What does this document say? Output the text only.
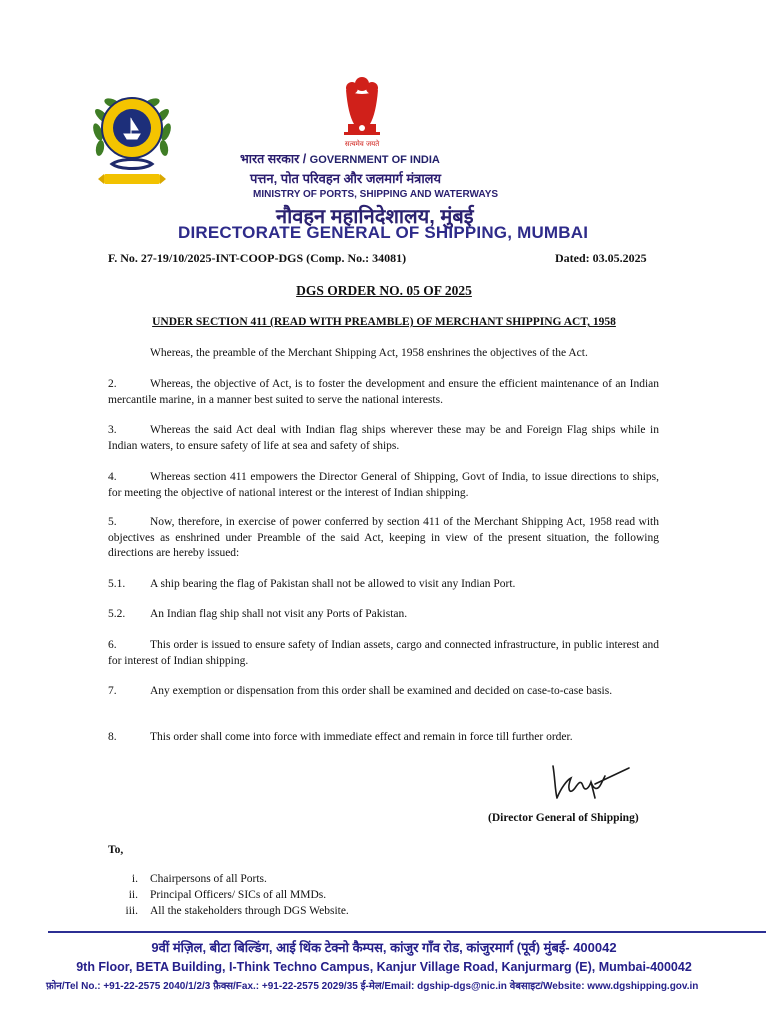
सत्यमेव जयते
भारत सरकार / GOVERNMENT OF INDIA
पत्तन, पोत परिवहन और जलमार्ग मंत्रालय
MINISTRY OF PORTS, SHIPPING AND WATERWAYS
नौवहन महानिदेशालय, मुंबई
DIRECTORATE GENERAL OF SHIPPING, MUMBAI
F. No. 27-19/10/2025-INT-COOP-DGS (Comp. No.: 34081)	Dated: 03.05.2025
DGS ORDER NO. 05 OF 2025
UNDER SECTION 411 (READ WITH PREAMBLE) OF MERCHANT SHIPPING ACT, 1958

Whereas, the preamble of the Merchant Shipping Act, 1958 enshrines the objectives of the Act.

2.	Whereas, the objective of Act, is to foster the development and ensure the efficient maintenance of an Indian mercantile marine, in a manner best suited to serve the national interests.

3.	Whereas the said Act deal with Indian flag ships wherever these may be and Foreign Flag ships while in Indian waters, to ensure safety of life at sea and safety of ships.

4.	Whereas section 411 empowers the Director General of Shipping, Govt of India, to issue directions to ships, for meeting the objective of national interest or the interest of Indian shipping.

5.	Now, therefore, in exercise of power conferred by section 411 of the Merchant Shipping Act, 1958 read with objectives as enshrined under Preamble of the said Act, keeping in view of the present situation, the following directions are hereby issued:

5.1. A ship bearing the flag of Pakistan shall not be allowed to visit any Indian Port.

5.2. An Indian flag ship shall not visit any Ports of Pakistan.

6.	This order is issued to ensure safety of Indian assets, cargo and connected infrastructure, in public interest and for interest of Indian shipping.

7.	Any exemption or dispensation from this order shall be examined and decided on case-to-case basis.

8.	This order shall come into force with immediate effect and remain in force till further order.

(Director General of Shipping)
To,
i. Chairpersons of all Ports.
ii. Principal Officers/ SICs of all MMDs.
iii. All the stakeholders through DGS Website.
9वीं मंज़िल, बीटा बिल्डिंग, आई थिंक टेक्नो कैम्पस, कांजुर गाँव रोड, कांजुरमार्ग (पूर्व) मुंबई- 400042
9th Floor, BETA Building, I-Think Techno Campus, Kanjur Village Road, Kanjurmarg (E), Mumbai-400042
फ़ोन/Tel No.: +91-22-2575 2040/1/2/3 फ़ैक्स/Fax.: +91-22-2575 2029/35 ई-मेल/Email: dgship-dgs@nic.in वेबसाइट/Website: www.dgshipping.gov.in
